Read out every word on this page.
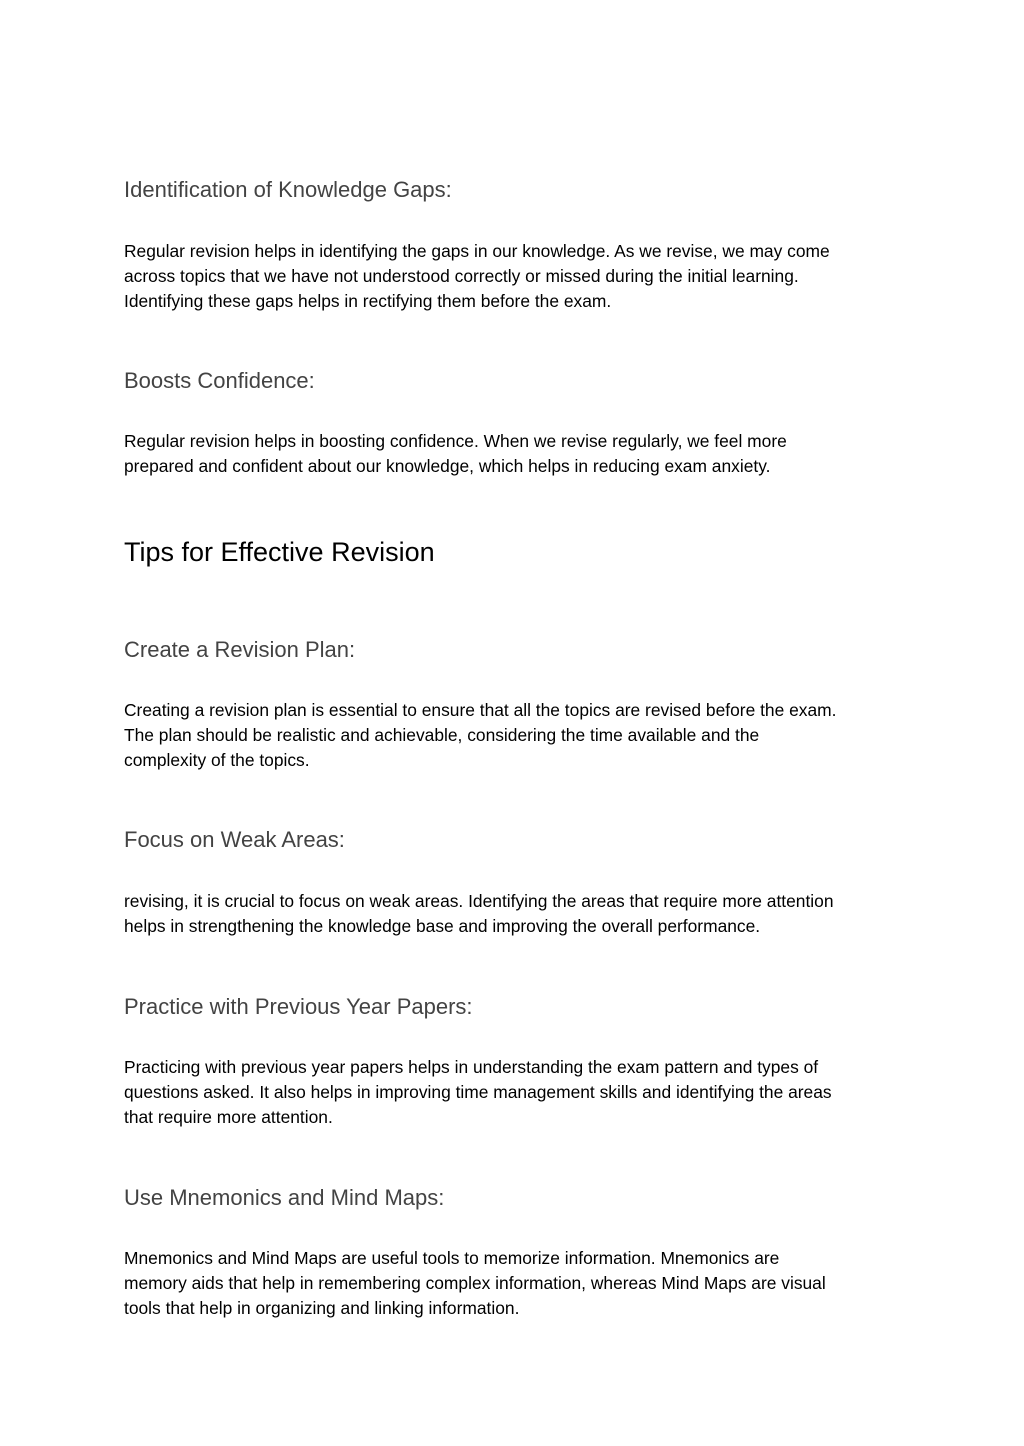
Identification of Knowledge Gaps:

Regular revision helps in identifying the gaps in our knowledge. As we revise, we may come
across topics that we have not understood correctly or missed during the initial learning.
Identifying these gaps helps in rectifying them before the exam.

Boosts Confidence:

Regular revision helps in boosting confidence. When we revise regularly, we feel more
prepared and confident about our knowledge, which helps in reducing exam anxiety.

Tips for Effective Revision
Create a Revision Plan:

Creating a revision plan is essential to ensure that all the topics are revised before the exam.
The plan should be realistic and achievable, considering the time available and the
complexity of the topics.

Focus on Weak Areas:

revising, it is crucial to focus on weak areas. Identifying the areas that require more attention
helps in strengthening the knowledge base and improving the overall performance.

Practice with Previous Year Papers:

Practicing with previous year papers helps in understanding the exam pattern and types of
questions asked. It also helps in improving time management skills and identifying the areas
that require more attention.

Use Mnemonics and Mind Maps:

Mnemonics and Mind Maps are useful tools to memorize information. Mnemonics are
memory aids that help in remembering complex information, whereas Mind Maps are visual
tools that help in organizing and linking information.
